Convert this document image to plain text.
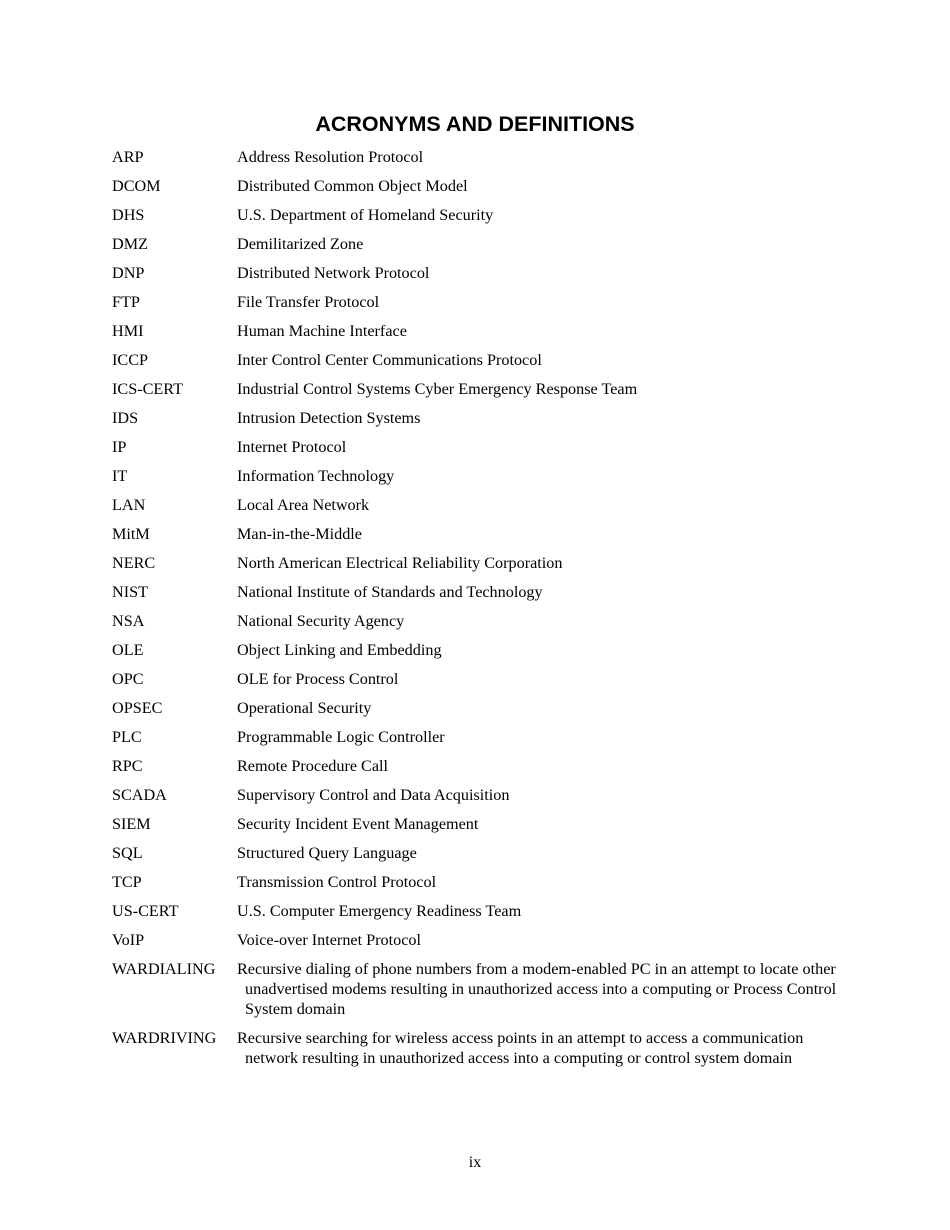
ACRONYMS AND DEFINITIONS
ARP	Address Resolution Protocol
DCOM	Distributed Common Object Model
DHS	U.S. Department of Homeland Security
DMZ	Demilitarized Zone
DNP	Distributed Network Protocol
FTP	File Transfer Protocol
HMI	Human Machine Interface
ICCP	Inter Control Center Communications Protocol
ICS-CERT	Industrial Control Systems Cyber Emergency Response Team
IDS	Intrusion Detection Systems
IP	Internet Protocol
IT	Information Technology
LAN	Local Area Network
MitM	Man-in-the-Middle
NERC	North American Electrical Reliability Corporation
NIST	National Institute of Standards and Technology
NSA	National Security Agency
OLE	Object Linking and Embedding
OPC	OLE for Process Control
OPSEC	Operational Security
PLC	Programmable Logic Controller
RPC	Remote Procedure Call
SCADA	Supervisory Control and Data Acquisition
SIEM	Security Incident Event Management
SQL	Structured Query Language
TCP	Transmission Control Protocol
US-CERT	U.S. Computer Emergency Readiness Team
VoIP	Voice-over Internet Protocol
WARDIALING	Recursive dialing of phone numbers from a modem-enabled PC in an attempt to locate other unadvertised modems resulting in unauthorized access into a computing or Process Control System domain
WARDRIVING	Recursive searching for wireless access points in an attempt to access a communication network resulting in unauthorized access into a computing or control system domain
ix
